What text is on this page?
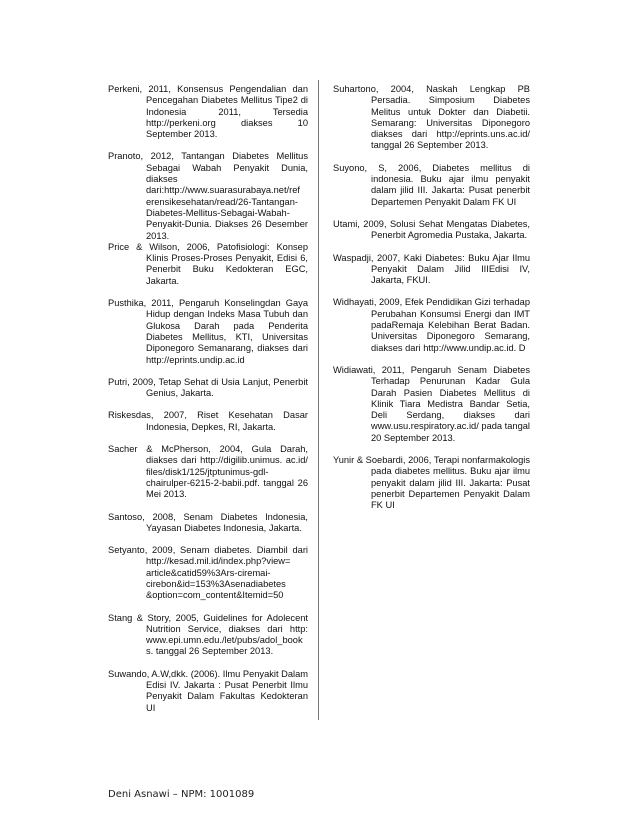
Perkeni, 2011, Konsensus Pengendalian dan Pencegahan Diabetes Mellitus Tipe2 di Indonesia 2011, Tersedia http://perkeni.org diakses 10 September 2013.

Pranoto, 2012, Tantangan Diabetes Mellitus Sebagai Wabah Penyakit Dunia, diakses dari:http://www.suarasurabaya.net/ref erensikesehatan/read/26-Tantangan-Diabetes-Mellitus-Sebagai-Wabah-Penyakit-Dunia. Diakses 26 Desember 2013.

Price & Wilson, 2006, Patofisiologi: Konsep Klinis Proses-Proses Penyakit, Edisi 6, Penerbit Buku Kedokteran EGC, Jakarta.

Pusthika, 2011, Pengaruh Konselingdan Gaya Hidup dengan Indeks Masa Tubuh dan Glukosa Darah pada Penderita Diabetes Mellitus, KTI, Universitas Diponegoro Semanarang, diakses dari http://eprints.undip.ac.id

Putri, 2009, Tetap Sehat di Usia Lanjut, Penerbit Genius, Jakarta.

Riskesdas, 2007, Riset Kesehatan Dasar Indonesia, Depkes, RI, Jakarta.

Sacher & McPherson, 2004, Gula Darah, diakses dari http://digilib.unimus. ac.id/ files/disk1/125/jtptunimus-gdl-chairulper-6215-2-babii.pdf. tanggal 26 Mei 2013.

Santoso, 2008, Senam Diabetes Indonesia, Yayasan Diabetes Indonesia, Jakarta.

Setyanto, 2009, Senam diabetes. Diambil dari http://kesad.mil.id/index.php?view= article&catid59%3Ars-ciremai-cirebon&id=153%3Asenadiabetes &option=com_content&Itemid=50

Stang & Story, 2005, Guidelines for Adolecent Nutrition Service, diakses dari http: www.epi.umn.edu./let/pubs/adol_book s. tanggal 26 September 2013.

Suwando, A.W,dkk. (2006). Ilmu Penyakit Dalam Edisi IV. Jakarta : Pusat Penerbit Ilmu Penyakit Dalam Fakultas Kedokteran UI

Suhartono, 2004, Naskah Lengkap PB Persadia. Simposium Diabetes Melitus untuk Dokter dan Diabetii. Semarang: Universitas Diponegoro diakses dari http://eprints.uns.ac.id/ tanggal 26 September 2013.

Suyono, S, 2006, Diabetes mellitus di indonesia. Buku ajar ilmu penyakit dalam jilid III. Jakarta: Pusat penerbit Departemen Penyakit Dalam FK UI

Utami, 2009, Solusi Sehat Mengatas Diabetes, Penerbit Agromedia Pustaka, Jakarta.

Waspadji, 2007, Kaki Diabetes: Buku Ajar Ilmu Penyakit Dalam Jilid IIIEdisi IV, Jakarta, FKUI.

Widhayati, 2009, Efek Pendidikan Gizi terhadap Perubahan Konsumsi Energi dan IMT padaRemaja Kelebihan Berat Badan. Universitas Diponegoro Semarang, diakses dari http://www.undip.ac.id. D

Widiawati, 2011, Pengaruh Senam Diabetes Terhadap Penurunan Kadar Gula Darah Pasien Diabetes Mellitus di Klinik Tiara Medistra Bandar Setia, Deli Serdang, diakses dari www.usu.respiratory.ac.id/ pada tangal 20 September 2013.

Yunir & Soebardi, 2006, Terapi nonfarmakologis pada diabetes mellitus. Buku ajar ilmu penyakit dalam jilid III. Jakarta: Pusat penerbit Departemen Penyakit Dalam FK UI

Deni Asnawi – NPM: 1001089
